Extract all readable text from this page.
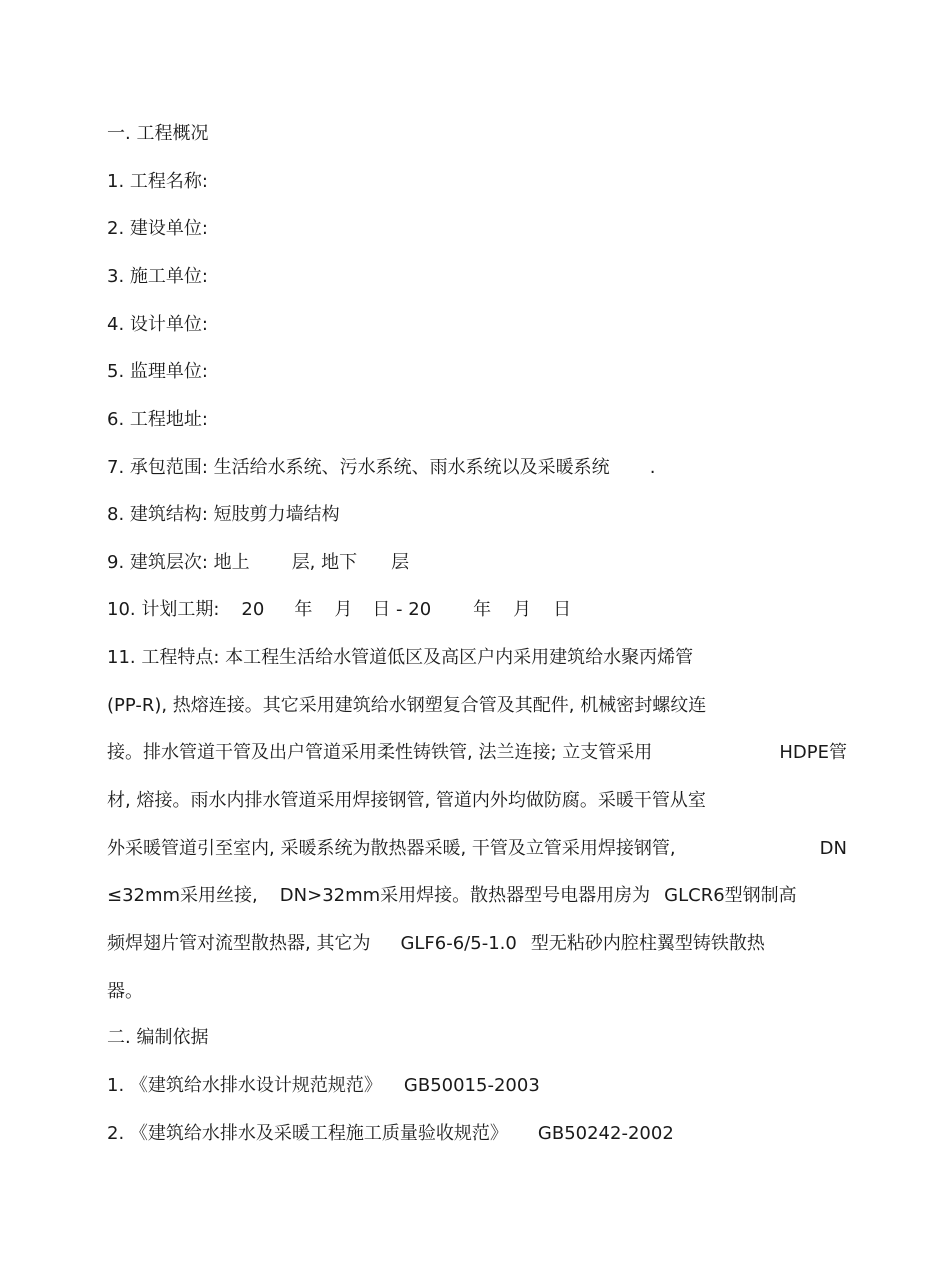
一. 工程概况
1. 工程名称:
2. 建设单位:
3. 施工单位:
4. 设计单位:
5. 监理单位:
6. 工程地址:
7. 承包范围: 生活给水系统、污水系统、雨水系统以及采暖系统 .
8. 建筑结构: 短肢剪力墙结构
9. 建筑层次: 地上 层, 地下 层
10. 计划工期: 20 年 月 日 - 20 年 月 日
11. 工程特点: 本工程生活给水管道低区及高区户内采用建筑给水聚丙烯管
(PP-R), 热熔连接。其它采用建筑给水钢塑复合管及其配件, 机械密封螺纹连
接。排水管道干管及出户管道采用柔性铸铁管, 法兰连接; 立支管采用	HDPE管
材, 熔接。雨水内排水管道采用焊接钢管, 管道内外均做防腐。采暖干管从室
外采暖管道引至室内, 采暖系统为散热器采暖, 干管及立管采用焊接钢管,	DN
≤32mm采用丝接, DN>32mm采用焊接。散热器型号电器用房为 GLCR6型钢制高
频焊翅片管对流型散热器, 其它为 GLF6-6/5-1.0 型无粘砂内腔柱翼型铸铁散热
器。
二. 编制依据
1. 《建筑给水排水设计规范规范》 GB50015-2003
2. 《建筑给水排水及采暖工程施工质量验收规范》 GB50242-2002
